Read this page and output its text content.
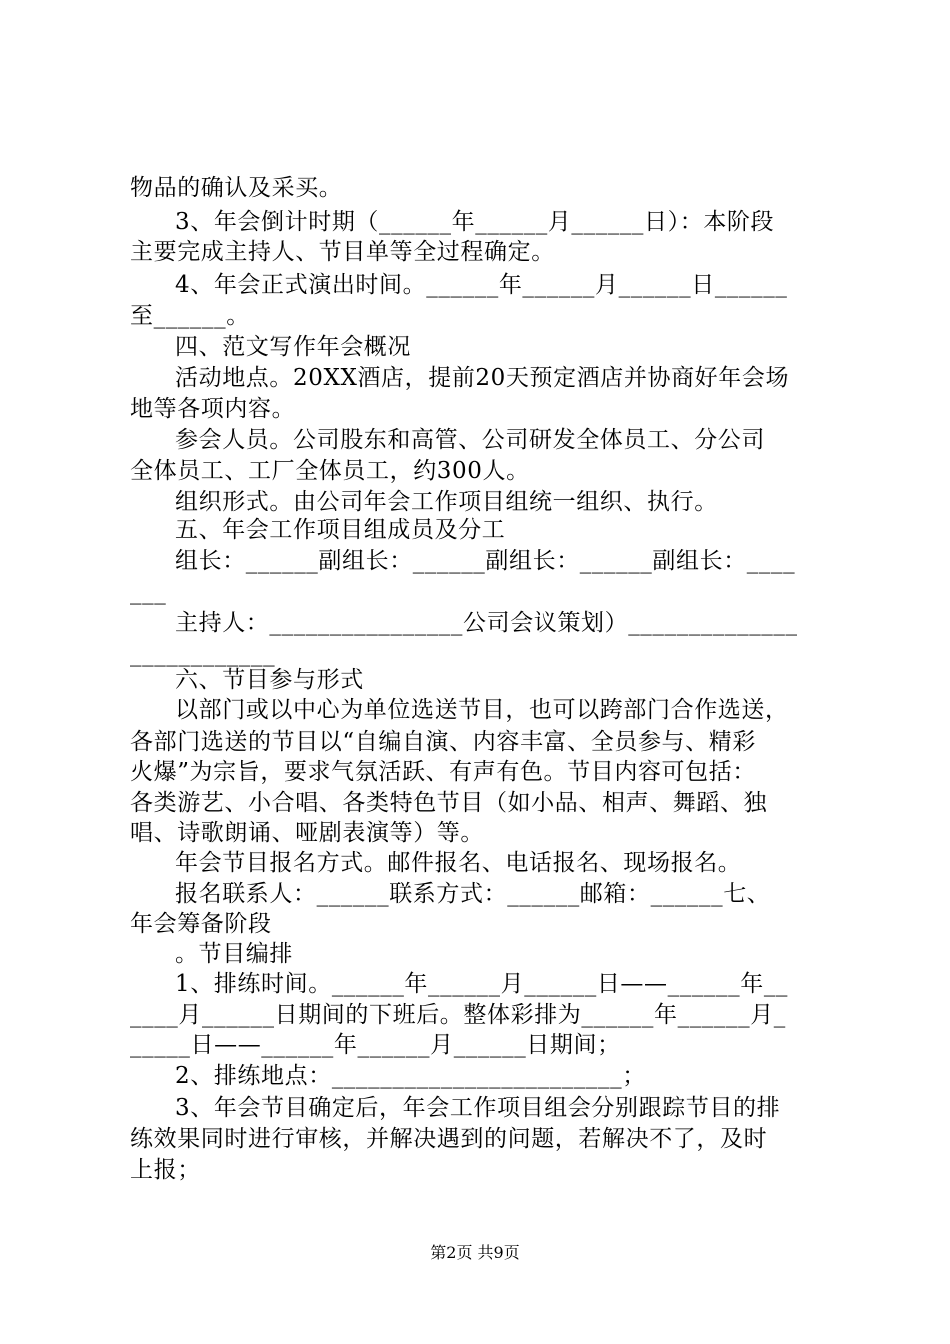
物品的确认及采买。
3、年会倒计时期（______年______月______日）：本阶段
主要完成主持人、节目单等全过程确定。
4、年会正式演出时间。______年______月______日______
至______。
四、范文写作年会概况
活动地点。20XX酒店，提前20天预定酒店并协商好年会场
地等各项内容。
参会人员。公司股东和高管、公司研发全体员工、分公司
全体员工、工厂全体员工，约300人。
组织形式。由公司年会工作项目组统一组织、执行。
五、年会工作项目组成员及分工
组长：______副组长：______副组长：______副组长：____
___
主持人：________________公司会议策划）______________
____________
六、节目参与形式
以部门或以中心为单位选送节目，也可以跨部门合作选送，
各部门选送的节目以“自编自演、内容丰富、全员参与、精彩
火爆”为宗旨，要求气氛活跃、有声有色。节目内容可包括：
各类游艺、小合唱、各类特色节目（如小品、相声、舞蹈、独
唱、诗歌朗诵、哑剧表演等）等。
年会节目报名方式。邮件报名、电话报名、现场报名。
报名联系人：______联系方式：______邮箱：______七、
年会筹备阶段
。节目编排
1、排练时间。______年______月______日——______年__
____月______日期间的下班后。整体彩排为______年______月_
_____日——______年______月______日期间；
2、排练地点：________________________；
3、年会节目确定后，年会工作项目组会分别跟踪节目的排
练效果同时进行审核，并解决遇到的问题，若解决不了，及时
上报；
第2页 共9页
